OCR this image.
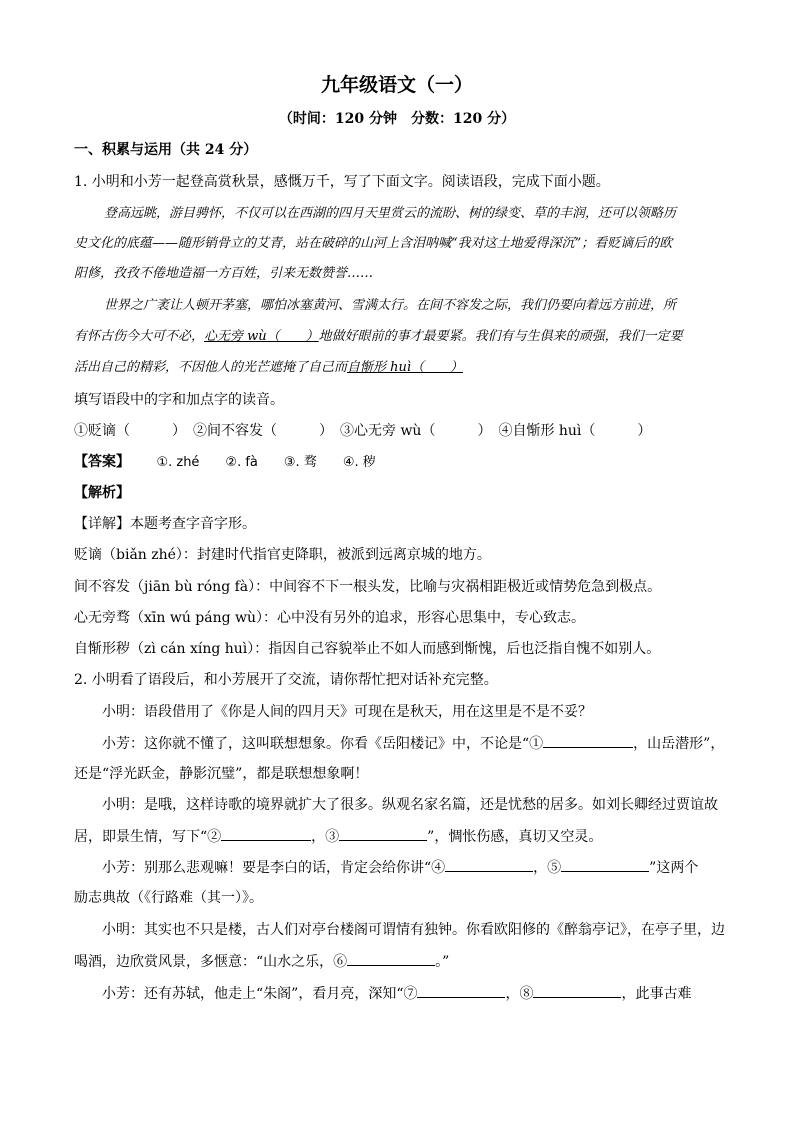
九年级语文（一）
（时间：120 分钟　分数：120 分）
一、积累与运用（共 24 分）
1. 小明和小芳一起登高赏秋景，感慨万千，写了下面文字。阅读语段，完成下面小题。
登高远眺，游目骋怀，不仅可以在西湖的四月天里赏云的流盼、树的绿变、草的丰润，还可以领略历
史文化的底蕴——随形销骨立的艾青，站在破碎的山河上含泪呐喊“我对这土地爱得深沉”；看贬谪后的欧
阳修，孜孜不倦地造福一方百姓，引来无数赞誉……
世界之广袤让人顿开茅塞，哪怕冰塞黄河、雪满太行。在间不容发之际，我们仍要向着远方前进，所
有怀古伤今大可不必，心无旁 wù（　　）地做好眼前的事才最要紧。我们有与生俱来的顽强，我们一定要
活出自己的精彩，不因他人的光芒遮掩了自己而自惭形 huì（　　）
填写语段中的字和加点字的读音。
①贬谪（　　　）　②间不容发（　　　）　③心无旁 wù（　　　）　④自惭形 huì（　　　）
【答案】 ①. zhé　　②. fà　　③. 骛　　④. 秽
【解析】
【详解】本题考查字音字形。
贬谪（biǎn zhé）：封建时代指官吏降职，被派到远离京城的地方。
间不容发（jiān bù róng fà）：中间容不下一根头发，比喻与灾祸相距极近或情势危急到极点。
心无旁骛（xīn wú páng wù）：心中没有另外的追求，形容心思集中，专心致志。
自惭形秽（zì cán xíng huì）：指因自己容貌举止不如人而感到惭愧，后也泛指自愧不如别人。
2. 小明看了语段后，和小芳展开了交流，请你帮忙把对话补充完整。
小明：语段借用了《你是人间的四月天》可现在是秋天，用在这里是不是不妥？
小芳：这你就不懂了，这叫联想想象。你看《岳阳楼记》中，不论是“①	，山岳潜形”，
还是“浮光跃金，静影沉璧”，都是联想想象啊！
小明：是哦，这样诗歌的境界就扩大了很多。纵观名家名篇，还是忧愁的居多。如刘长卿经过贾谊故
居，即景生情，写下“②	，③	”，惆怅伤感，真切又空灵。
小芳：别那么悲观嘛！要是李白的话，肯定会给你讲“④	，⑤	”这两个
励志典故（《行路难（其一）》。
小明：其实也不只是楼，古人们对亭台楼阁可谓情有独钟。你看欧阳修的《醉翁亭记》，在亭子里，边
喝酒，边欣赏风景，多惬意：“山水之乐，⑥	。”
小芳：还有苏轼，他走上“朱阁”，看月亮，深知“⑦	，⑧	，此事古难
